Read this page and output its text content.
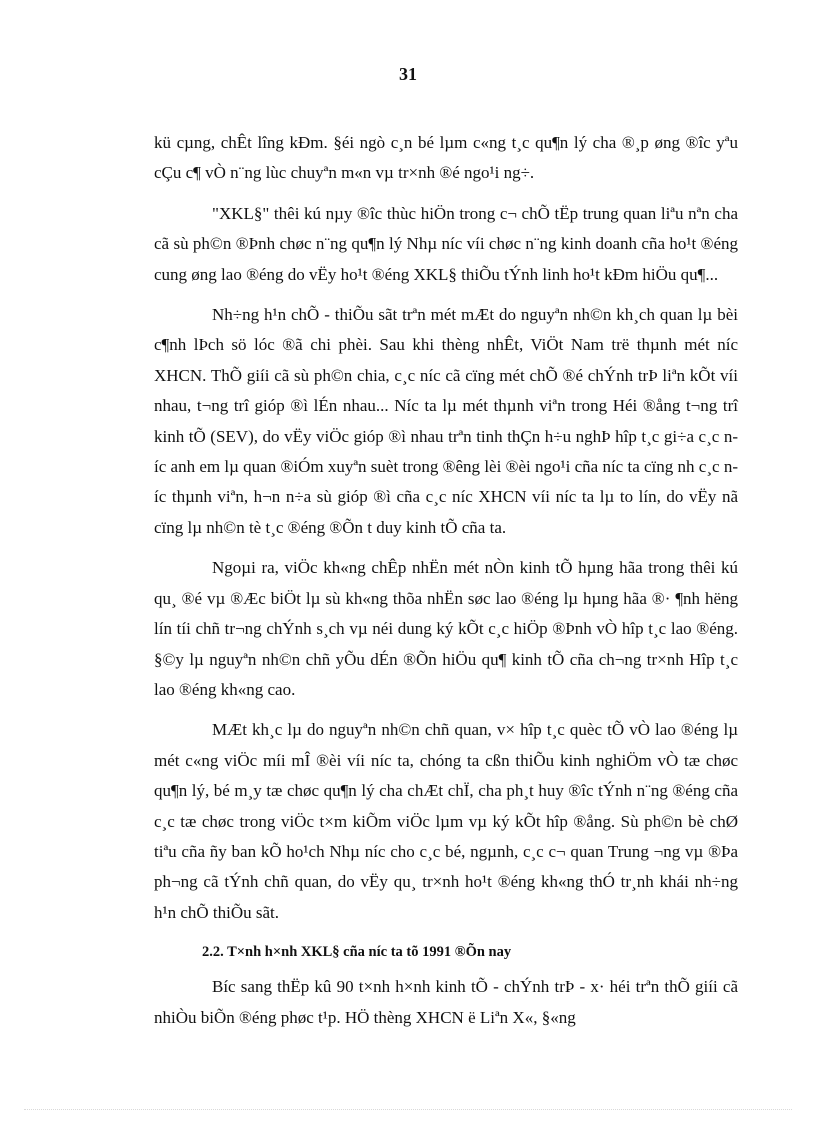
31

kü cµng, chÊt lîng kÐm. §éi ngò c¸n bé lµm c«ng t¸c qu¶n lý cha ®¸p øng ®îc yªu cÇu c¶ vÒ n¨ng lùc chuyªn m«n vµ tr×nh ®é ngo¹i ng÷.

"XKL§" thêi kú nµy ®îc thùc hiÖn trong c¬ chÕ tËp trung quan liªu nªn cha cã sù ph©n ®Þnh chøc n¨ng qu¶n lý Nhµ níc víi chøc n¨ng kinh doanh cña ho¹t ®éng cung øng lao ®éng do vËy ho¹t ®éng XKL§ thiÕu tÝnh linh ho¹t kÐm hiÖu qu¶...

Nh÷ng h¹n chÕ - thiÕu sãt trªn mét mÆt do nguyªn nh©n kh¸ch quan lµ bèi c¶nh lÞch sö lóc ®ã chi phèi. Sau khi thèng nhÊt, ViÖt Nam trë thµnh mét níc XHCN. ThÕ giíi cã sù ph©n chia, c¸c níc cã cïng mét chÕ ®é chÝnh trÞ liªn kÕt víi nhau, t¬ng trî gióp ®ì lÉn nhau... Níc ta lµ mét thµnh viªn trong Héi ®ång t¬ng trî kinh tÕ (SEV), do vËy viÖc gióp ®ì nhau trªn tinh thÇn h÷u nghÞ hîp t¸c gi÷a c¸c níc anh em lµ quan ®iÓm xuyªn suèt trong ®êng lèi ®èi ngo¹i cña níc ta cïng nh c¸c níc thµnh viªn, h¬n n÷a sù gióp ®ì cña c¸c níc XHCN víi níc ta lµ to lín, do vËy nã cïng lµ nh©n tè t¸c ®éng ®Õn t duy kinh tÕ cña ta.

Ngoµi ra, viÖc kh«ng chÊp nhËn mét nÒn kinh tÕ hµng hãa trong thêi kú qu¸ ®é vµ ®Æc biÖt lµ sù kh«ng thõa nhËn søc lao ®éng lµ hµng hãa ®· ¶nh hëng lín tíi chñ tr¬ng chÝnh s¸ch vµ néi dung ký kÕt c¸c hiÖp ®Þnh vÒ hîp t¸c lao ®éng. §©y lµ nguyªn nh©n chñ yÕu dÉn ®Õn hiÖu qu¶ kinh tÕ cña ch¬ng tr×nh Hîp t¸c lao ®éng kh«ng cao.

MÆt kh¸c lµ do nguyªn nh©n chñ quan, v× hîp t¸c quèc tÕ vÒ lao ®éng lµ mét c«ng viÖc míi mÎ ®èi víi níc ta, chóng ta cßn thiÕu kinh nghiÖm vÒ tæ chøc qu¶n lý, bé m¸y tæ chøc qu¶n lý cha chÆt chÏ, cha ph¸t huy ®îc tÝnh n¨ng ®éng cña c¸c tæ chøc trong viÖc t×m kiÕm viÖc lµm vµ ký kÕt hîp ®ång. Sù ph©n bè chØ tiªu cña ñy ban kÕ ho¹ch Nhµ níc cho c¸c bé, ngµnh, c¸c c¬ quan Trung ¬ng vµ ®Þa ph¬ng cã tÝnh chñ quan, do vËy qu¸ tr×nh ho¹t ®éng kh«ng thÓ tr¸nh khái nh÷ng h¹n chÕ thiÕu sãt.

2.2. T×nh h×nh XKL§ cña níc ta tõ 1991 ®Õn nay

Bíc sang thËp kû 90 t×nh h×nh kinh tÕ - chÝnh trÞ - x· héi trªn thÕ giíi cã nhiÒu biÕn ®éng phøc t¹p. HÖ thèng XHCN ë Liªn X«, §«ng
